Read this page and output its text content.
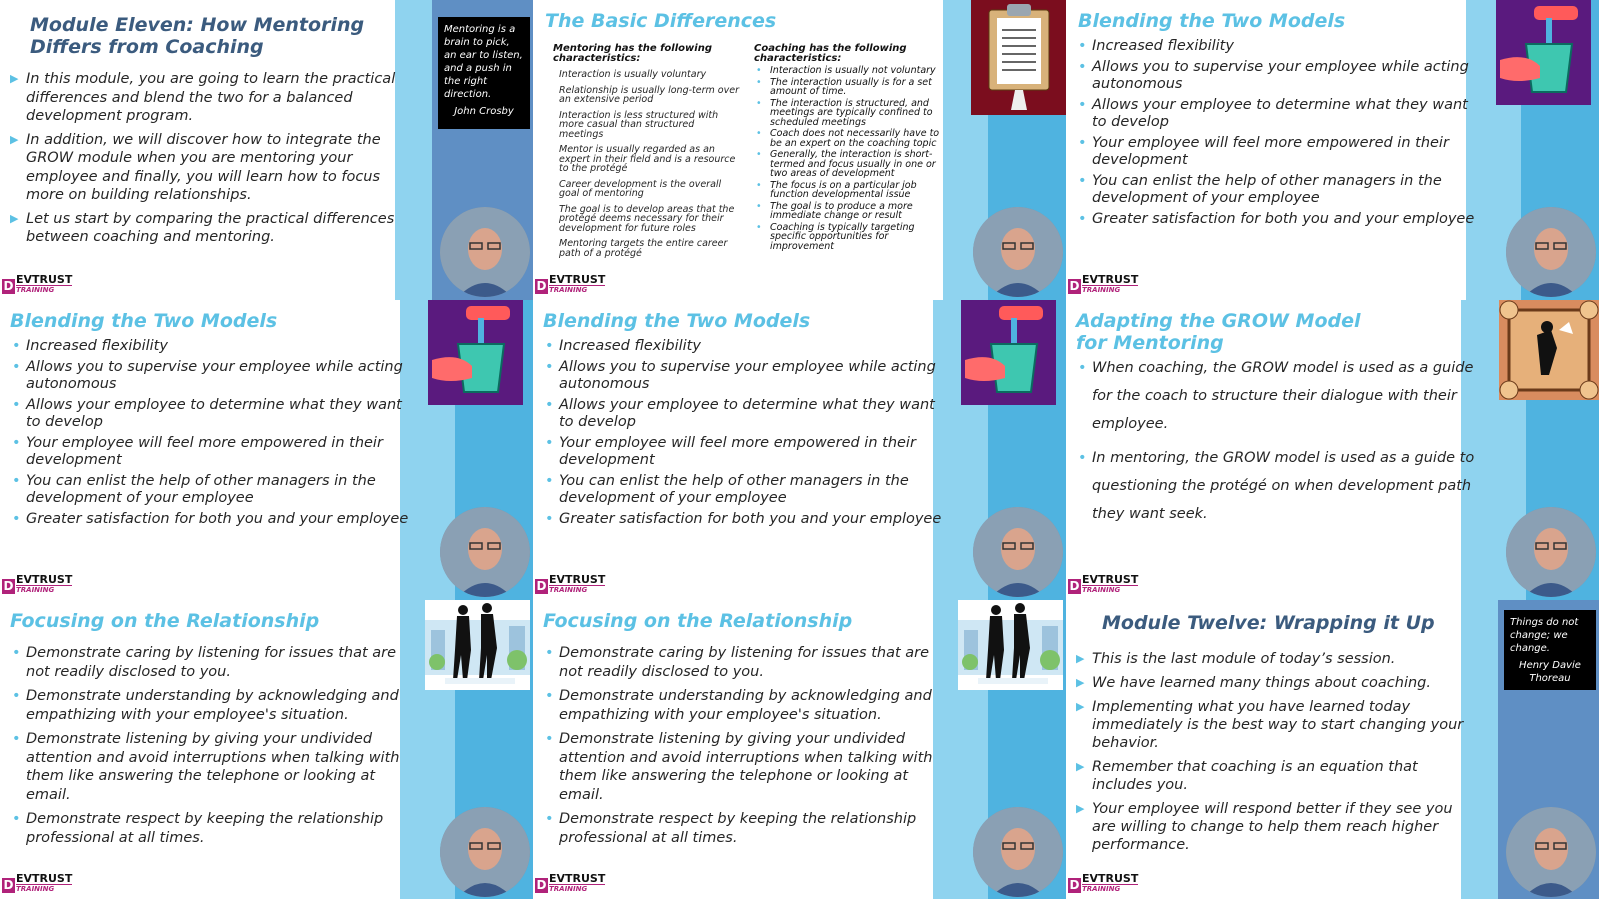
Module Eleven: How Mentoring Differs from Coaching
▶ In this module, you are going to learn the practical differences and blend the two for a balanced development program.
▶ In addition, we will discover how to integrate the GROW module when you are mentoring your employee and finally, you will learn how to focus more on building relationships.
▶ Let us start by comparing the practical differences between coaching and mentoring.
Mentoring is a brain to pick, an ear to listen, and a push in the right direction.
John Crosby
D EVTRUST
TRAINING
The Basic Differences
Mentoring has the following characteristics:
Interaction is usually voluntary
Relationship is usually long-term over an extensive period
Interaction is less structured with more casual than structured meetings
Mentor is usually regarded as an expert in their field and is a resource to the protégé
Career development is the overall goal of mentoring
The goal is to develop areas that the protégé deems necessary for their development for future roles
Mentoring targets the entire career path of a protégé
Coaching has the following characteristics:
• Interaction is usually not voluntary
• The interaction usually is for a set amount of time.
• The interaction is structured, and meetings are typically confined to scheduled meetings
• Coach does not necessarily have to be an expert on the coaching topic
• Generally, the interaction is short-termed and focus usually in one or two areas of development
• The focus is on a particular job function developmental issue
• The goal is to produce a more immediate change or result
• Coaching is typically targeting specific opportunities for improvement
D EVTRUST
TRAINING
Blending the Two Models
• Increased flexibility
• Allows you to supervise your employee while acting autonomous
• Allows your employee to determine what they want to develop
• Your employee will feel more empowered in their development
• You can enlist the help of other managers in the development of your employee
• Greater satisfaction for both you and your employee
D EVTRUST
TRAINING
Blending the Two Models
• Increased flexibility
• Allows you to supervise your employee while acting autonomous
• Allows your employee to determine what they want to develop
• Your employee will feel more empowered in their development
• You can enlist the help of other managers in the development of your employee
• Greater satisfaction for both you and your employee
D EVTRUST
TRAINING
Blending the Two Models
• Increased flexibility
• Allows you to supervise your employee while acting autonomous
• Allows your employee to determine what they want to develop
• Your employee will feel more empowered in their development
• You can enlist the help of other managers in the development of your employee
• Greater satisfaction for both you and your employee
D EVTRUST
TRAINING
Adapting the GROW Model for Mentoring
• When coaching, the GROW model is used as a guide for the coach to structure their dialogue with their employee.
• In mentoring, the GROW model is used as a guide to questioning the protégé on when development path they want seek.
D EVTRUST
TRAINING
Focusing on the Relationship
• Demonstrate caring by listening for issues that are not readily disclosed to you.
• Demonstrate understanding by acknowledging and empathizing with your employee's situation.
• Demonstrate listening by giving your undivided attention and avoid interruptions when talking with them like answering the telephone or looking at email.
• Demonstrate respect by keeping the relationship professional at all times.
D EVTRUST
TRAINING
Focusing on the Relationship
• Demonstrate caring by listening for issues that are not readily disclosed to you.
• Demonstrate understanding by acknowledging and empathizing with your employee's situation.
• Demonstrate listening by giving your undivided attention and avoid interruptions when talking with them like answering the telephone or looking at email.
• Demonstrate respect by keeping the relationship professional at all times.
D EVTRUST
TRAINING
Module Twelve: Wrapping it Up
▶ This is the last module of today’s session.
▶ We have learned many things about coaching.
▶ Implementing what you have learned today immediately is the best way to start changing your behavior.
▶ Remember that coaching is an equation that includes you.
▶ Your employee will respond better if they see you are willing to change to help them reach higher performance.
Things do not change; we change.
Henry Davie Thoreau
D EVTRUST
TRAINING
